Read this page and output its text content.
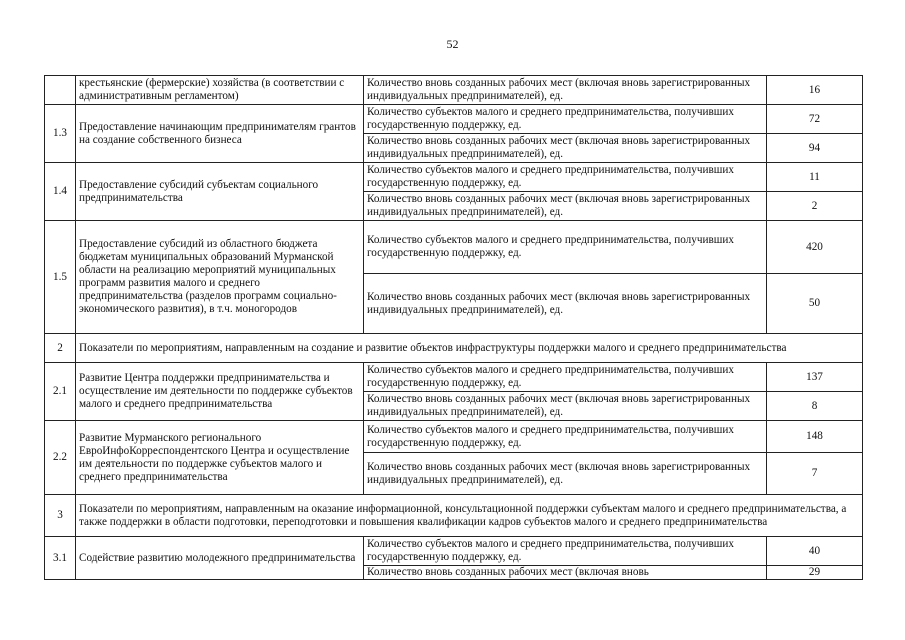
52
	крестьянские (фермерские) хозяйства (в соответствии с административным регламентом)	Количество вновь созданных рабочих мест (включая вновь зарегистрированных индивидуальных предпринимателей), ед.	16
1.3	Предоставление начинающим предпринимателям грантов на создание собственного бизнеса	Количество субъектов малого и среднего предпринимательства, получивших государственную поддержку, ед.	72
		Количество вновь созданных рабочих мест (включая вновь зарегистрированных индивидуальных предпринимателей), ед.	94
1.4	Предоставление субсидий субъектам социального предпринимательства	Количество субъектов малого и среднего предпринимательства, получивших государственную поддержку, ед.	11
		Количество вновь созданных рабочих мест (включая вновь зарегистрированных индивидуальных предпринимателей), ед.	2
1.5	Предоставление субсидий из областного бюджета бюджетам муниципальных образований Мурманской области на реализацию мероприятий муниципальных программ развития малого и среднего предпринимательства (разделов программ социально-экономического развития), в т.ч. моногородов	Количество субъектов малого и среднего предпринимательства, получивших государственную поддержку, ед.	420
		Количество вновь созданных рабочих мест (включая вновь зарегистрированных индивидуальных предпринимателей), ед.	50
2	Показатели по мероприятиям, направленным на создание и развитие объектов инфраструктуры поддержки малого и среднего предпринимательства		
2.1	Развитие Центра поддержки предпринимательства и осуществление им деятельности по поддержке субъектов малого и среднего предпринимательства	Количество субъектов малого и среднего предпринимательства, получивших государственную поддержку, ед.	137
		Количество вновь созданных рабочих мест (включая вновь зарегистрированных индивидуальных предпринимателей), ед.	8
2.2	Развитие Мурманского регионального ЕвроИнфоКорреспондентского Центра и осуществление им деятельности по поддержке субъектов малого и среднего предпринимательства	Количество субъектов малого и среднего предпринимательства, получивших государственную поддержку, ед.	148
		Количество вновь созданных рабочих мест (включая вновь зарегистрированных индивидуальных предпринимателей), ед.	7
3	Показатели по мероприятиям, направленным на оказание информационной, консультационной поддержки субъектам малого и среднего предпринимательства, а также поддержки в области подготовки, переподготовки и повышения квалификации кадров субъектов малого и среднего предпринимательства		
3.1	Содействие развитию молодежного предпринимательства	Количество субъектов малого и среднего предпринимательства, получивших государственную поддержку, ед.	40
		Количество вновь созданных рабочих мест (включая вновь	29
